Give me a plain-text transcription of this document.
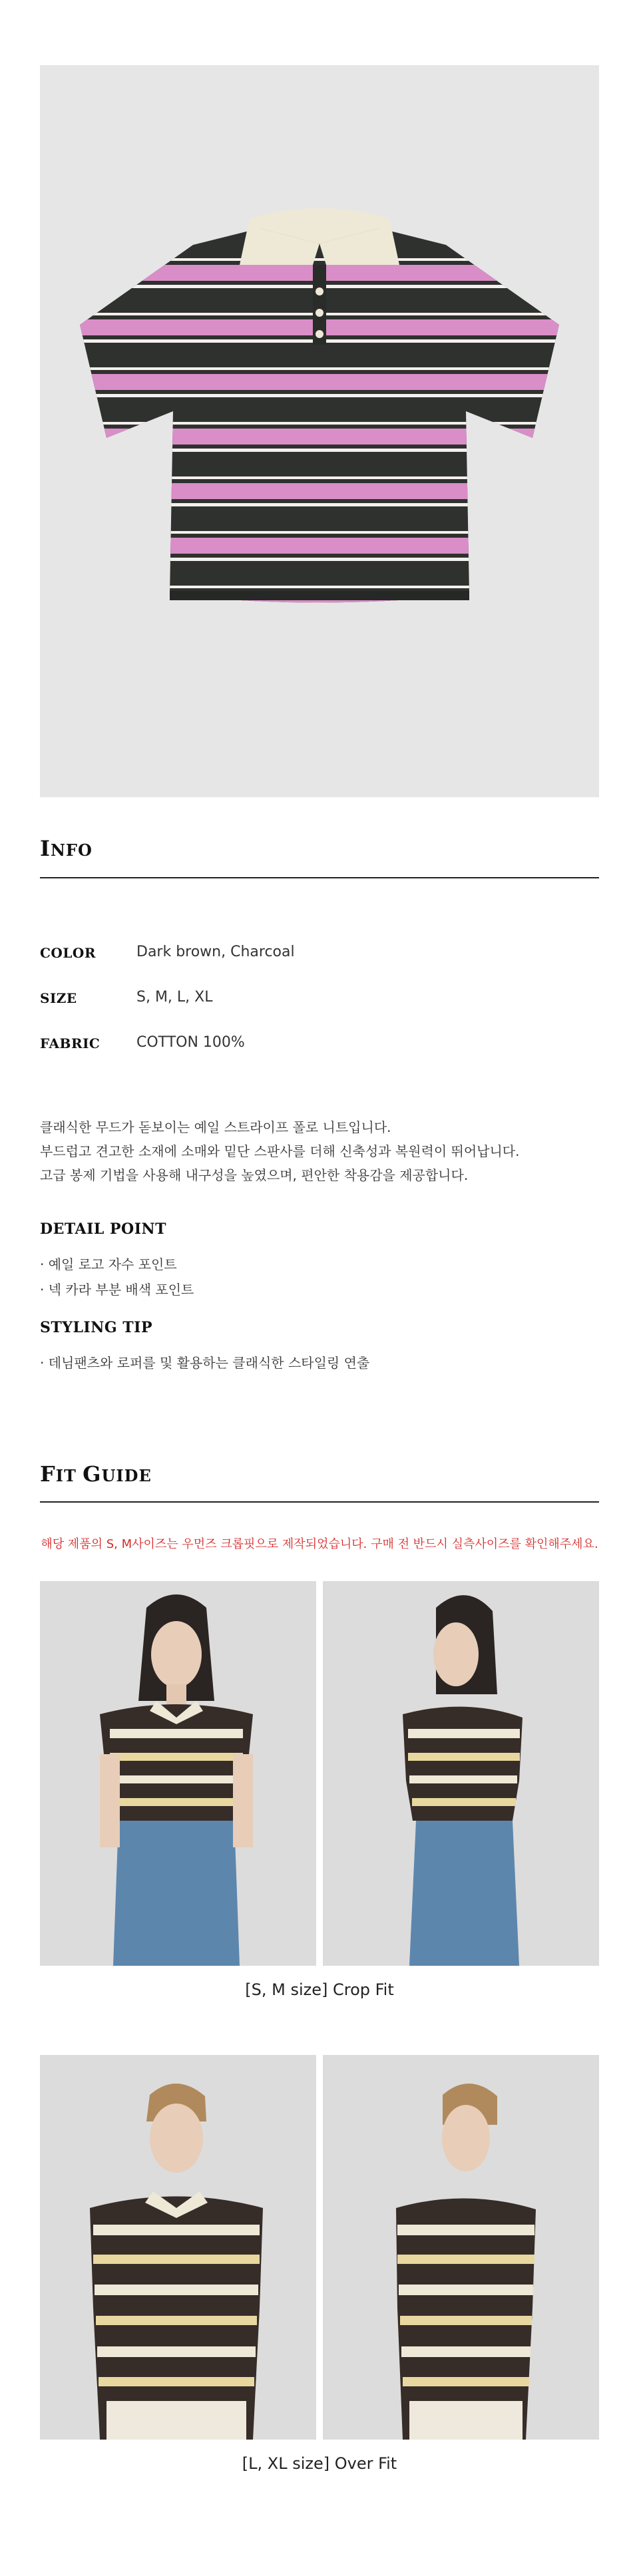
INFO
COLOR	Dark brown, Charcoal
SIZE	S, M, L, XL
FABRIC COTTON 100%
클래식한 무드가 돋보이는 예일 스트라이프 폴로 니트입니다.
부드럽고 견고한 소재에 소매와 밑단 스판사를 더해 신축성과 복원력이 뛰어납니다.
고급 봉제 기법을 사용해 내구성을 높였으며, 편안한 착용감을 제공합니다.
DETAIL POINT
· 예일 로고 자수 포인트
· 넥 카라 부분 배색 포인트
STYLING TIP
· 데님팬츠와 로퍼를 및 활용하는 클래식한 스타일링 연출
FIT GUIDE
해당 제품의 S, M사이즈는 우먼즈 크롭핏으로 제작되었습니다. 구매 전 반드시 실측사이즈를 확인해주세요.
[S, M size] Crop Fit
[L, XL size] Over Fit
